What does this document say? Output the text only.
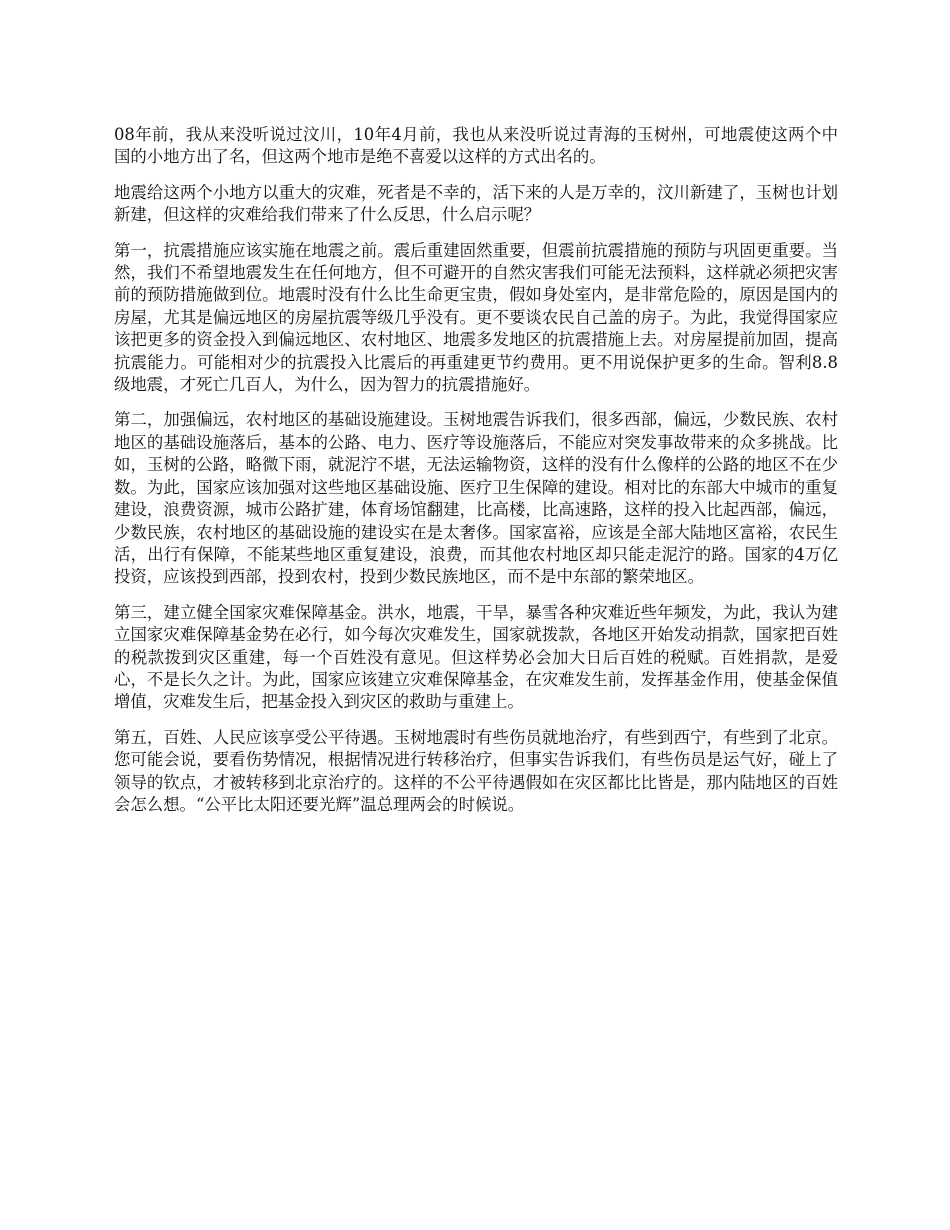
08年前，我从来没听说过汶川，10年4月前，我也从来没听说过青海的玉树州，可地震使这两个中国的小地方出了名，但这两个地市是绝不喜爱以这样的方式出名的。

地震给这两个小地方以重大的灾难，死者是不幸的，活下来的人是万幸的，汶川新建了，玉树也计划新建，但这样的灾难给我们带来了什么反思，什么启示呢？

第一，抗震措施应该实施在地震之前。震后重建固然重要，但震前抗震措施的预防与巩固更重要。当然，我们不希望地震发生在任何地方，但不可避开的自然灾害我们可能无法预料，这样就必须把灾害前的预防措施做到位。地震时没有什么比生命更宝贵，假如身处室内，是非常危险的，原因是国内的房屋，尤其是偏远地区的房屋抗震等级几乎没有。更不要谈农民自己盖的房子。为此，我觉得国家应该把更多的资金投入到偏远地区、农村地区、地震多发地区的抗震措施上去。对房屋提前加固，提高抗震能力。可能相对少的抗震投入比震后的再重建更节约费用。更不用说保护更多的生命。智利8.8级地震，才死亡几百人，为什么，因为智力的抗震措施好。

第二，加强偏远，农村地区的基础设施建设。玉树地震告诉我们，很多西部，偏远，少数民族、农村地区的基础设施落后，基本的公路、电力、医疗等设施落后，不能应对突发事故带来的众多挑战。比如，玉树的公路，略微下雨，就泥泞不堪，无法运输物资，这样的没有什么像样的公路的地区不在少数。为此，国家应该加强对这些地区基础设施、医疗卫生保障的建设。相对比的东部大中城市的重复建设，浪费资源，城市公路扩建，体育场馆翻建，比高楼，比高速路，这样的投入比起西部，偏远，少数民族，农村地区的基础设施的建设实在是太奢侈。国家富裕，应该是全部大陆地区富裕，农民生活，出行有保障，不能某些地区重复建设，浪费，而其他农村地区却只能走泥泞的路。国家的4万亿投资，应该投到西部，投到农村，投到少数民族地区，而不是中东部的繁荣地区。

第三，建立健全国家灾难保障基金。洪水，地震，干旱，暴雪各种灾难近些年频发，为此，我认为建立国家灾难保障基金势在必行，如今每次灾难发生，国家就拨款，各地区开始发动捐款，国家把百姓的税款拨到灾区重建，每一个百姓没有意见。但这样势必会加大日后百姓的税赋。百姓捐款，是爱心，不是长久之计。为此，国家应该建立灾难保障基金，在灾难发生前，发挥基金作用，使基金保值增值，灾难发生后，把基金投入到灾区的救助与重建上。

第五，百姓、人民应该享受公平待遇。玉树地震时有些伤员就地治疗，有些到西宁，有些到了北京。您可能会说，要看伤势情况，根据情况进行转移治疗，但事实告诉我们，有些伤员是运气好，碰上了领导的钦点，才被转移到北京治疗的。这样的不公平待遇假如在灾区都比比皆是，那内陆地区的百姓会怎么想。“公平比太阳还要光辉”温总理两会的时候说。
